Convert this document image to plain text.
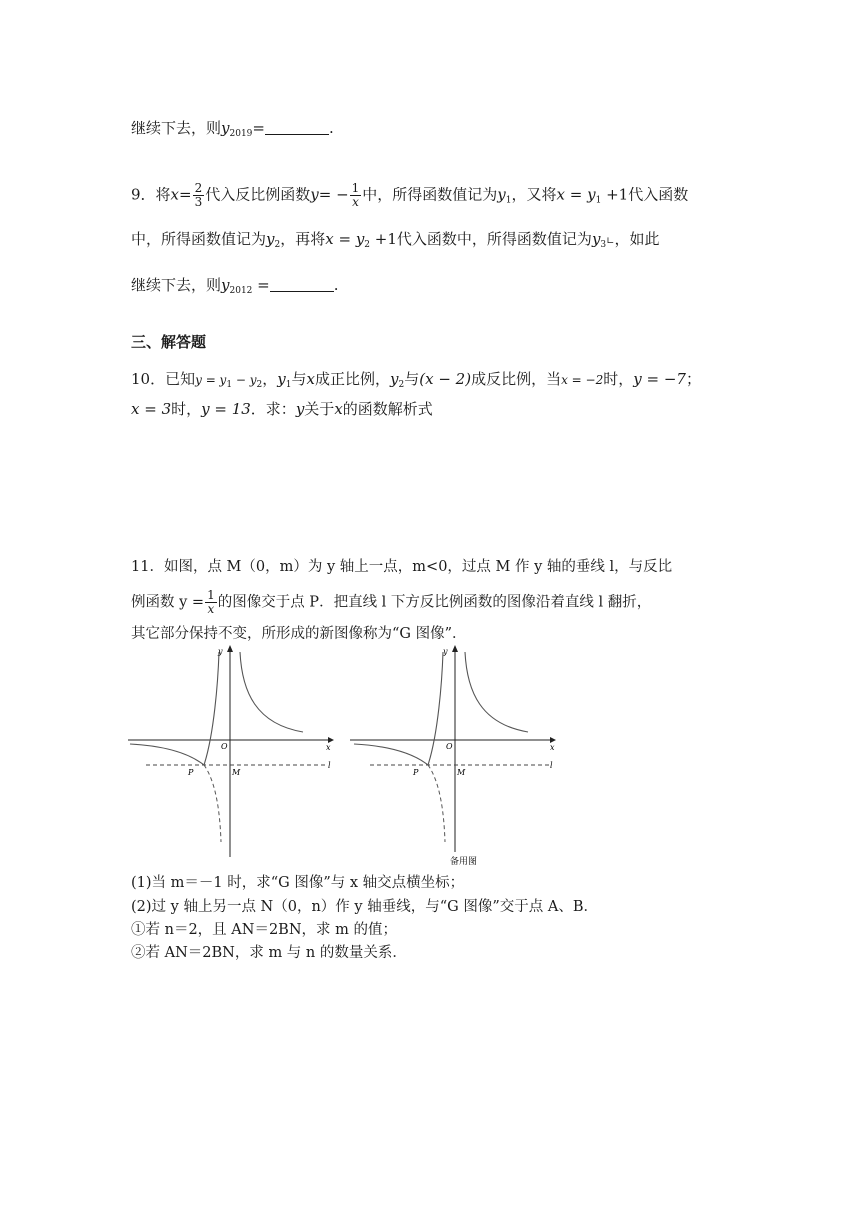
继续下去，则$y_{2019}=$	.
9．将$x= \frac{2}{3}$ 代入反比例函数$y= - \frac{1}{x}$ 中，所得函数值记为$y_1$，又将$x = y_1 +1$代入函数
中，所得函数值记为$y_2$，再将$x = y_2 +1$代入函数中，所得函数值记为$y_3∟$，如此
继续下去，则$y_{2012}$ =	.
三、解答题
10．已知$y = y_1 - y_2$，$y_1$与x成正比例，$y_2$与(x − 2)成反比例，当x = −2时，y = −7；
x = 3时，y = 13．求：y关于x的函数解析式
11．如图，点 M（0，m）为 y 轴上一点，m<0，过点 M 作 y 轴的垂线 l，与反比
例函数 $y = \frac{1}{x}$ 的图像交于点 P．把直线 l 下方反比例函数的图像沿着直线 l 翻折，
其它部分保持不变，所形成的新图像称为“G 图像”．
x
y
O
l
P	M
x
y
O
l
P	M
备用图
(1)当 m＝－1 时，求“G 图像”与 x 轴交点横坐标；
(2)过 y 轴上另一点 N（0，n）作 y 轴垂线，与“G 图像”交于点 A、B．
①若 n＝2，且 AN＝2BN，求 m 的值；
②若 AN＝2BN，求 m 与 n 的数量关系．
